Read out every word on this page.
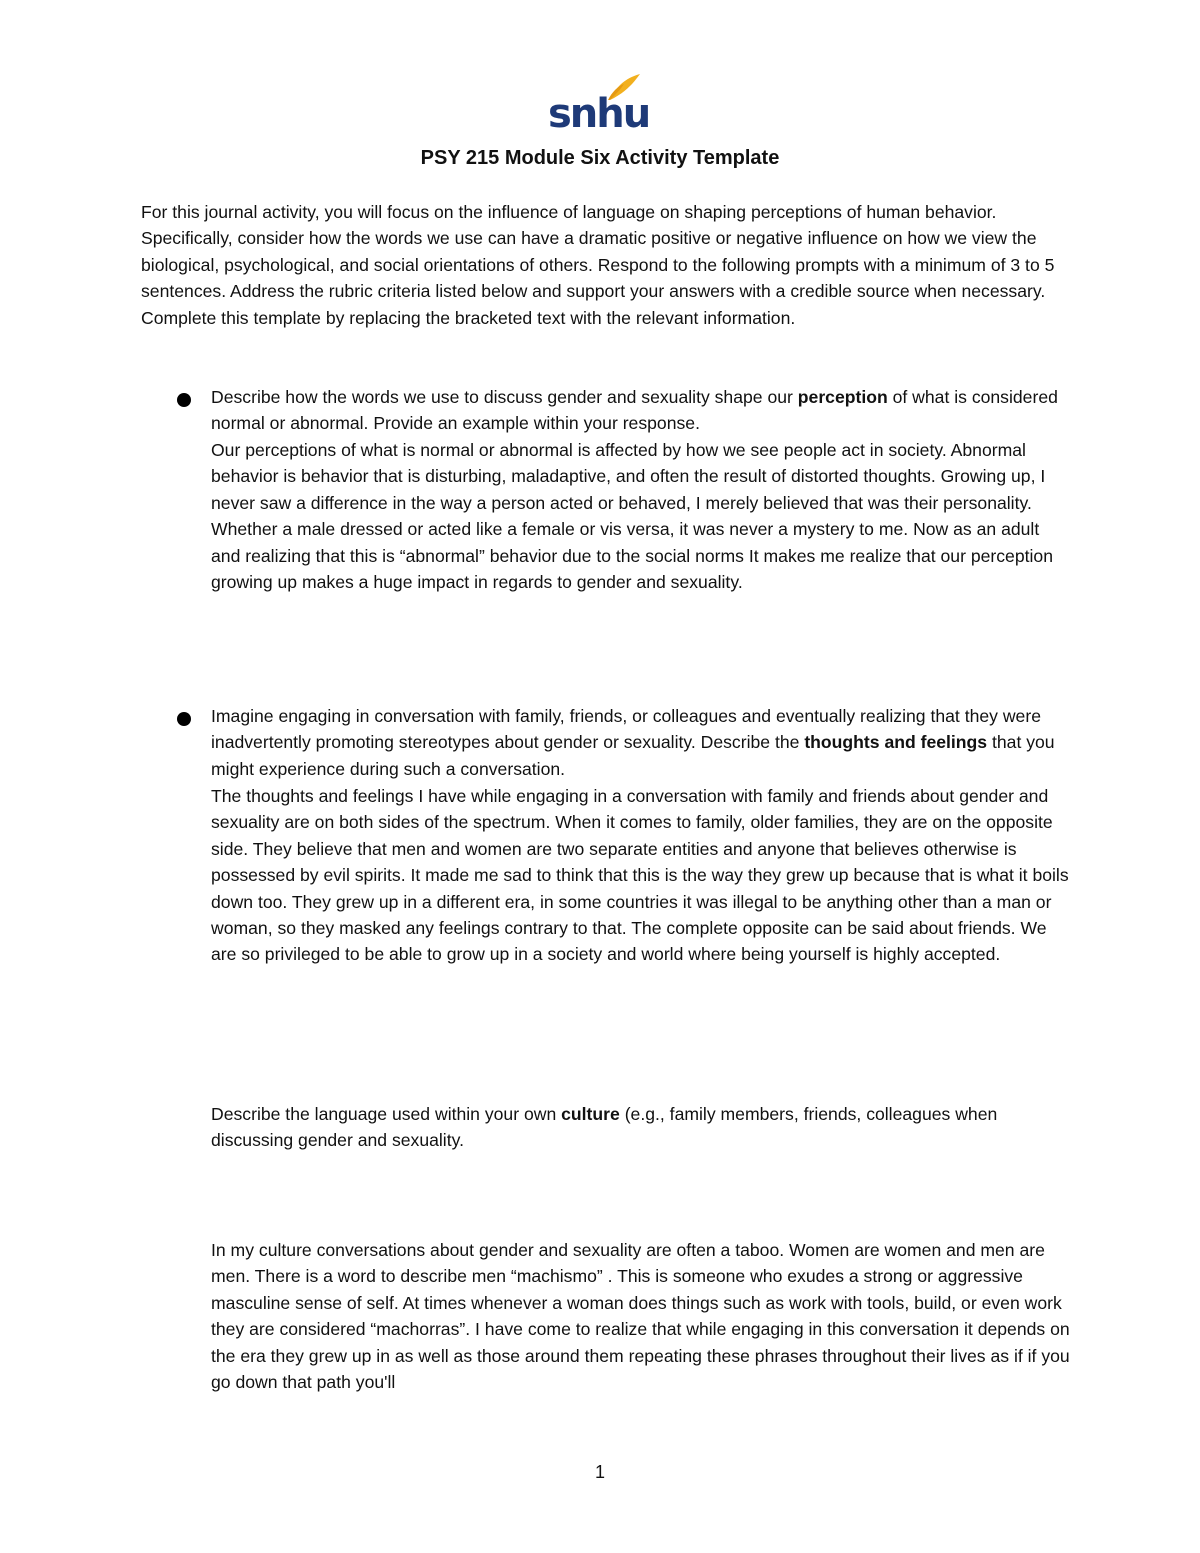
snhu
PSY 215 Module Six Activity Template

For this journal activity, you will focus on the influence of language on shaping perceptions of human behavior. Specifically, consider how the words we use can have a dramatic positive or negative influence on how we view the biological, psychological, and social orientations of others. Respond to the following prompts with a minimum of 3 to 5 sentences. Address the rubric criteria listed below and support your answers with a credible source when necessary. Complete this template by replacing the bracketed text with the relevant information.

Describe how the words we use to discuss gender and sexuality shape our perception of what is considered normal or abnormal. Provide an example within your response.

Our perceptions of what is normal or abnormal is affected by how we see people act in society. Abnormal behavior is behavior that is disturbing, maladaptive, and often the result of distorted thoughts. Growing up, I never saw a difference in the way a person acted or behaved, I merely believed that was their personality. Whether a male dressed or acted like a female or vis versa, it was never a mystery to me. Now as an adult and realizing that this is “abnormal” behavior due to the social norms It makes me realize that our perception growing up makes a huge impact in regards to gender and sexuality.

Imagine engaging in conversation with family, friends, or colleagues and eventually realizing that they were inadvertently promoting stereotypes about gender or sexuality. Describe the thoughts and feelings that you might experience during such a conversation.

The thoughts and feelings I have while engaging in a conversation with family and friends about gender and sexuality are on both sides of the spectrum. When it comes to family, older families, they are on the opposite side. They believe that men and women are two separate entities and anyone that believes otherwise is possessed by evil spirits. It made me sad to think that this is the way they grew up because that is what it boils down too. They grew up in a different era, in some countries it was illegal to be anything other than a man or woman, so they masked any feelings contrary to that. The complete opposite can be said about friends. We are so privileged to be able to grow up in a society and world where being yourself is highly accepted.

Describe the language used within your own culture (e.g., family members, friends, colleagues when discussing gender and sexuality.

In my culture conversations about gender and sexuality are often a taboo. Women are women and men are men. There is a word to describe men “machismo” . This is someone who exudes a strong or aggressive masculine sense of self. At times whenever a woman does things such as work with tools, build, or even work they are considered “machorras”. I have come to realize that while engaging in this conversation it depends on the era they grew up in as well as those around them repeating these phrases throughout their lives as if if you go down that path you'll

1
